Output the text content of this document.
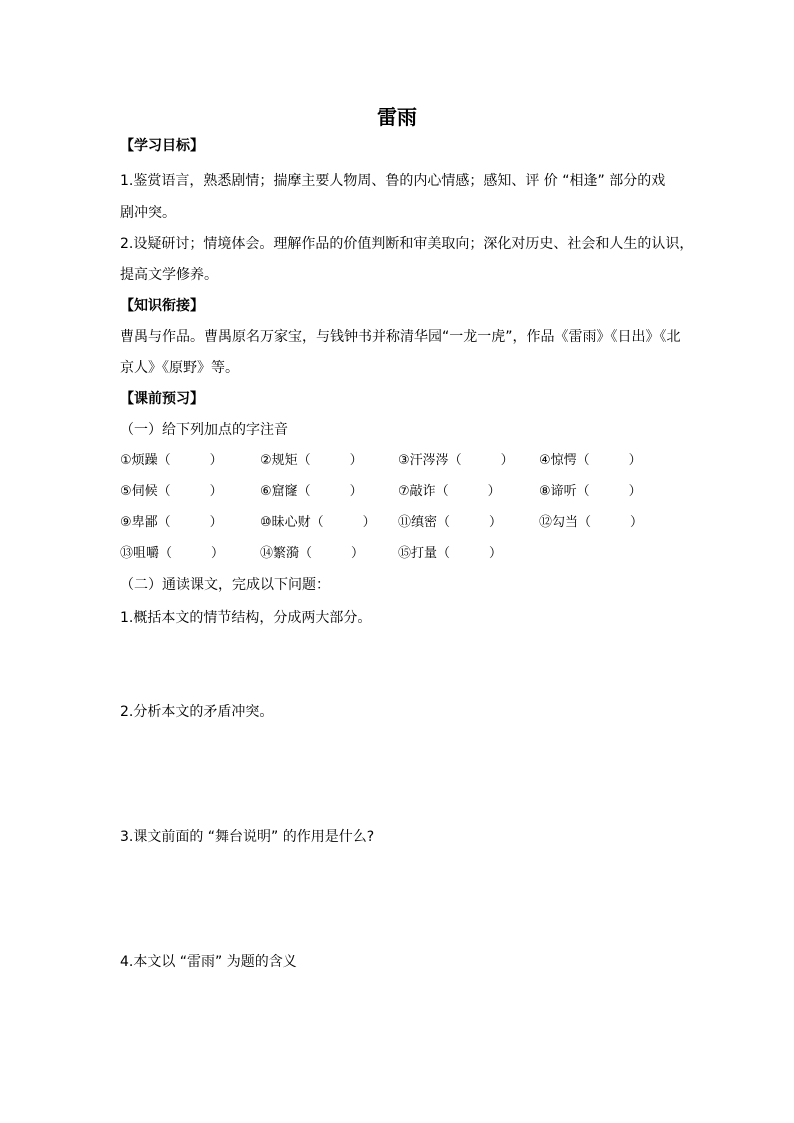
雷雨
【学习目标】
1.鉴赏语言，熟悉剧情；揣摩主要人物周、鲁的内心情感；感知、评 价 “相逢” 部分的戏
剧冲突。
2.设疑研讨；情境体会。理解作品的价值判断和审美取向；深化对历史、社会和人生的认识，
提高文学修养。
【知识衔接】
曹禺与作品。曹禺原名万家宝，与钱钟书并称清华园“一龙一虎”，作品《雷雨》《日出》《北
京人》《原野》等。
【课前预习】
（一）给下列加点的字注音
①烦躁（　　　）	②规矩（　　　）	③汗涔涔（　　　） ④惊愕（　　　）
⑤伺候（　　　）	⑥窟窿（　　　）	⑦敲诈（　　　）	⑧谛听（　　　）
⑨卑鄙（　　　）	⑩昧心财（　　　） ⑪缜密（　　　）	⑫勾当（　　　）
⑬咀嚼（　　　）	⑭繁漪（　　　）	⑮打量（　　　）
（二）通读课文，完成以下问题：
1.概括本文的情节结构，分成两大部分。
2.分析本文的矛盾冲突。
3.课文前面的 “舞台说明” 的作用是什么?
4.本文以 “雷雨” 为题的含义
